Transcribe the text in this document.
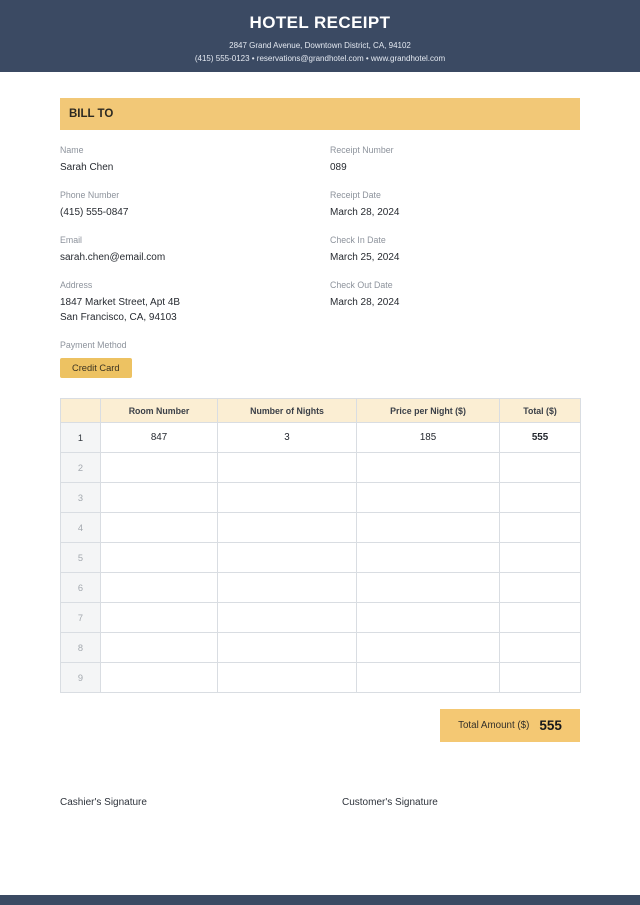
HOTEL RECEIPT
2847 Grand Avenue, Downtown District, CA, 94102
(415) 555-0123 • reservations@grandhotel.com • www.grandhotel.com
BILL TO
Name
Sarah Chen
Phone Number
(415) 555-0847
Email
sarah.chen@email.com
Address
1847 Market Street, Apt 4B
San Francisco, CA, 94103
Payment Method
Credit Card
Receipt Number
089
Receipt Date
March 28, 2024
Check In Date
March 25, 2024
Check Out Date
March 28, 2024
	Room Number	Number of Nights	Price per Night ($)	Total ($)
1	847	3	185	555
2				
3				
4				
5				
6				
7				
8				
9				
Total Amount ($) 555
Cashier's Signature	Customer's Signature
